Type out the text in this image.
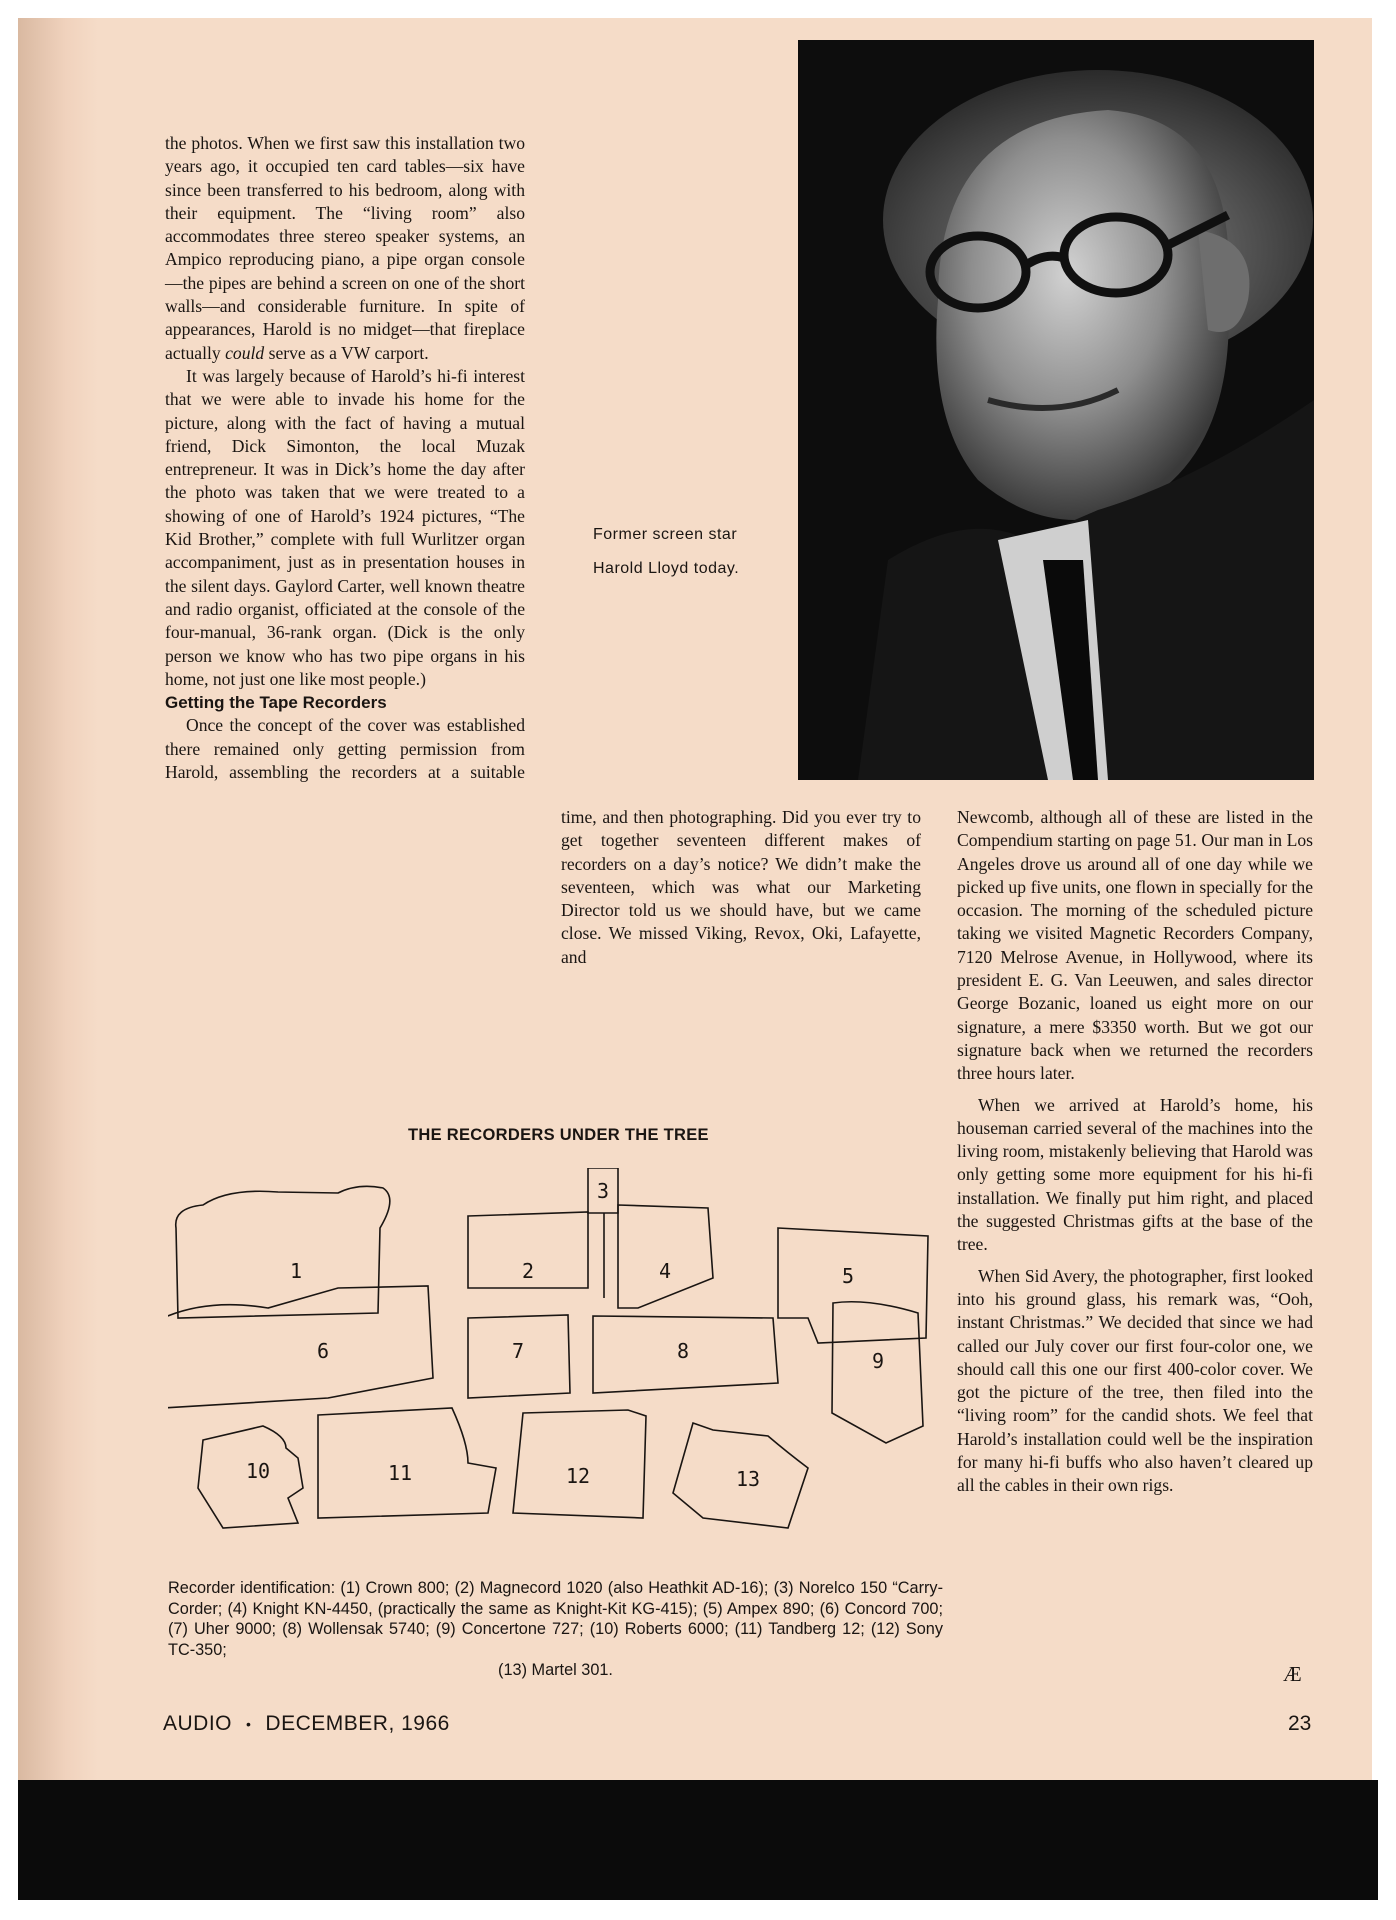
the photos. When we first saw this installation two years ago, it occupied ten card tables—six have since been transferred to his bedroom, along with their equipment. The “living room” also accommodates three stereo speaker systems, an Ampico reproducing piano, a pipe organ console—the pipes are behind a screen on one of the short walls—and considerable furniture. In spite of appearances, Harold is no midget—that fireplace actually could serve as a VW carport.

It was largely because of Harold’s hi-fi interest that we were able to invade his home for the picture, along with the fact of having a mutual friend, Dick Simonton, the local Muzak entrepreneur. It was in Dick’s home the day after the photo was taken that we were treated to a showing of one of Harold’s 1924 pictures, “The Kid Brother,” complete with full Wurlitzer organ accompaniment, just as in presentation houses in the silent days. Gaylord Carter, well known theatre and radio organist, officiated at the console of the four-manual, 36-rank organ. (Dick is the only person we know who has two pipe organs in his home, not just one like most people.)

Getting the Tape Recorders

Once the concept of the cover was established there remained only getting permission from Harold, assembling the recorders at a suitable

time, and then photographing. Did you ever try to get together seventeen different makes of recorders on a day’s notice? We didn’t make the seventeen, which was what our Marketing Director told us we should have, but we came close. We missed Viking, Revox, Oki, Lafayette, and

Newcomb, although all of these are listed in the Compendium starting on page 51. Our man in Los Angeles drove us around all of one day while we picked up five units, one flown in specially for the occasion. The morning of the scheduled picture taking we visited Magnetic Recorders Company, 7120 Melrose Avenue, in Hollywood, where its president E. G. Van Leeuwen, and sales director George Bozanic, loaned us eight more on our signature, a mere $3350 worth. But we got our signature back when we returned the recorders three hours later.

When we arrived at Harold’s home, his houseman carried several of the machines into the living room, mistakenly believing that Harold was only getting some more equipment for his hi-fi installation. We finally put him right, and placed the suggested Christmas gifts at the base of the tree.

When Sid Avery, the photographer, first looked into his ground glass, his remark was, “Ooh, instant Christmas.” We decided that since we had called our July cover our first four-color one, we should call this one our first 400-color cover. We got the picture of the tree, then filed into the “living room” for the candid shots. We feel that Harold’s installation could well be the inspiration for many hi-fi buffs who also haven’t cleared up all the cables in their own rigs.

Æ
Former screen star
Harold Lloyd today.
THE RECORDERS UNDER THE TREE
1	2
3
4	5
6	7	8	9
10	11	12	13
Recorder identification: (1) Crown 800; (2) Magnecord 1020 (also Heathkit AD-16); (3) Norelco 150 “Carry-Corder; (4) Knight KN-4450, (practically the same as Knight-Kit KG-415); (5) Ampex 890; (6) Concord 700; (7) Uher 9000; (8) Wollensak 5740; (9) Concertone 727; (10) Roberts 6000; (11) Tandberg 12; (12) Sony TC-350;
(13) Martel 301.
AUDIO • DECEMBER, 1966	23
